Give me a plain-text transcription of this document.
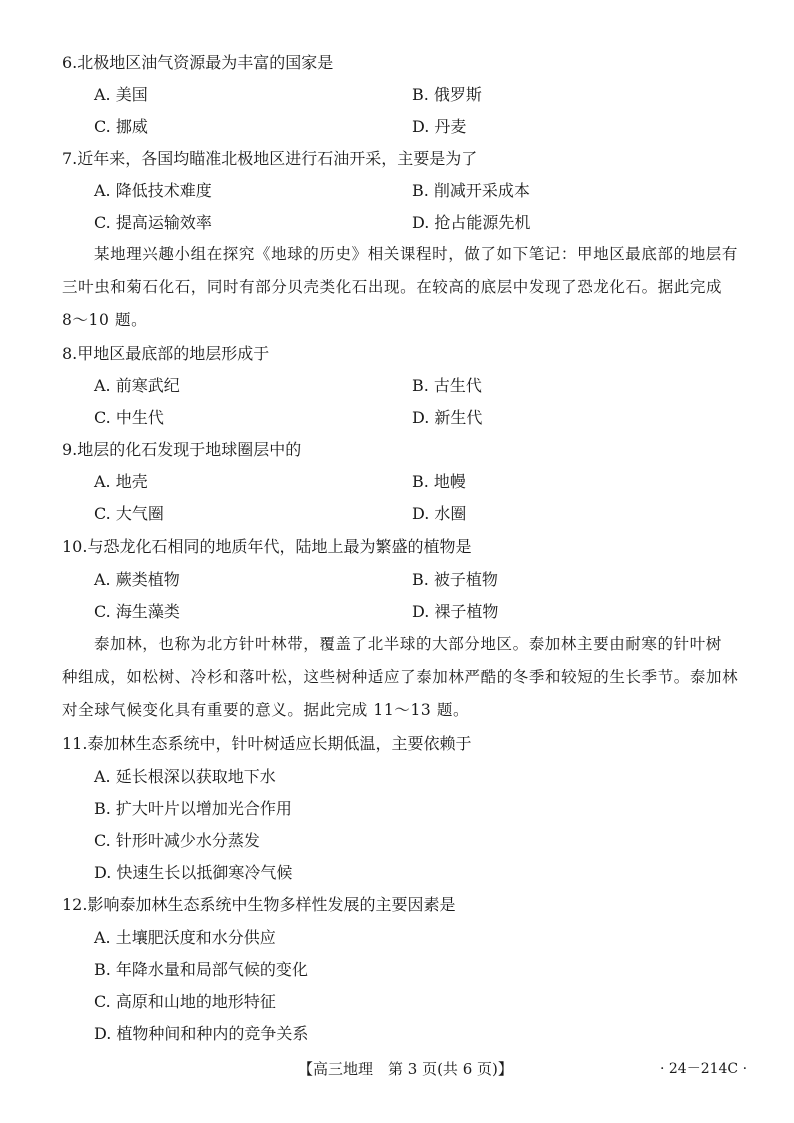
6.北极地区油气资源最为丰富的国家是
A. 美国	B. 俄罗斯
C. 挪威	D. 丹麦
7.近年来，各国均瞄准北极地区进行石油开采，主要是为了
A. 降低技术难度	B. 削减开采成本
C. 提高运输效率	D. 抢占能源先机
某地理兴趣小组在探究《地球的历史》相关课程时，做了如下笔记：甲地区最底部的地层有
三叶虫和菊石化石，同时有部分贝壳类化石出现。在较高的底层中发现了恐龙化石。据此完成
8～10 题。
8.甲地区最底部的地层形成于
A. 前寒武纪	B. 古生代
C. 中生代	D. 新生代
9.地层的化石发现于地球圈层中的
A. 地壳	B. 地幔
C. 大气圈	D. 水圈
10.与恐龙化石相同的地质年代，陆地上最为繁盛的植物是
A. 蕨类植物	B. 被子植物
C. 海生藻类	D. 裸子植物
泰加林，也称为北方针叶林带，覆盖了北半球的大部分地区。泰加林主要由耐寒的针叶树
种组成，如松树、冷杉和落叶松，这些树种适应了泰加林严酷的冬季和较短的生长季节。泰加林
对全球气候变化具有重要的意义。据此完成 11～13 题。
11.泰加林生态系统中，针叶树适应长期低温，主要依赖于
A. 延长根深以获取地下水
B. 扩大叶片以增加光合作用
C. 针形叶减少水分蒸发
D. 快速生长以抵御寒冷气候
12.影响泰加林生态系统中生物多样性发展的主要因素是
A. 土壤肥沃度和水分供应
B. 年降水量和局部气候的变化
C. 高原和山地的地形特征
D. 植物种间和种内的竞争关系
【高三地理　第 3 页(共 6 页)】	· 24－214C ·
